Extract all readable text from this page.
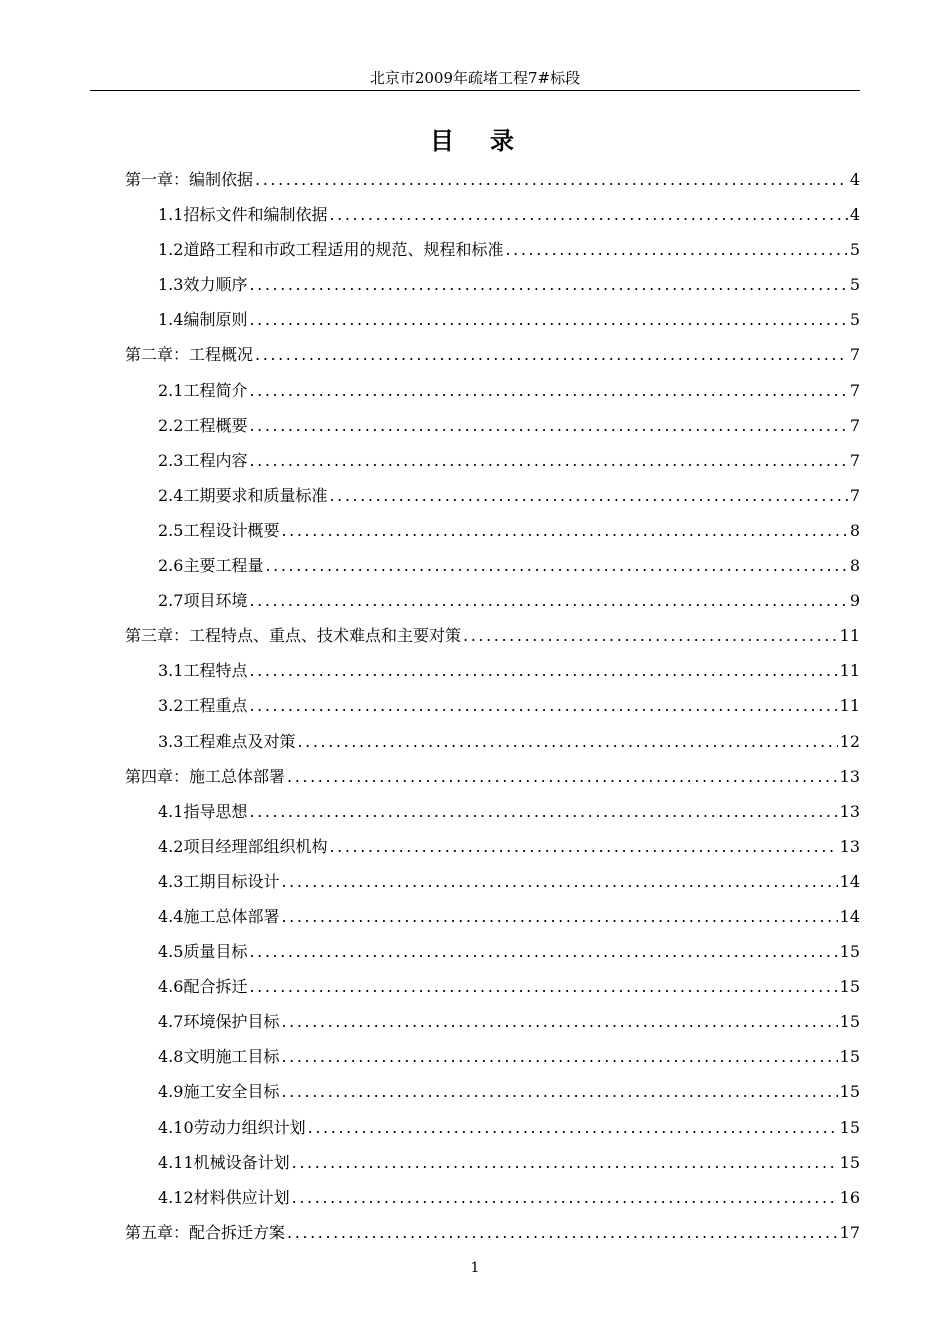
北京市2009年疏堵工程7#标段
目　录
第一章：编制依据 .....	4
1.1招标文件和编制依据 .....	4
1.2道路工程和市政工程适用的规范、规程和标准 .....	5
1.3效力顺序 .....	5
1.4编制原则 .....	5
第二章：工程概况 .....	7
2.1工程简介 .....	7
2.2工程概要 .....	7
2.3工程内容 .....	7
2.4工期要求和质量标准 .....	7
2.5工程设计概要 .....	8
2.6主要工程量 .....	8
2.7项目环境 .....	9
第三章：工程特点、重点、技术难点和主要对策 .....	11
3.1工程特点 .....	11
3.2工程重点 .....	11
3.3工程难点及对策 .....	12
第四章：施工总体部署 .....	13
4.1指导思想 .....	13
4.2项目经理部组织机构 .....	13
4.3工期目标设计 .....	14
4.4施工总体部署 .....	14
4.5质量目标 .....	15
4.6配合拆迁 .....	15
4.7环境保护目标 .....	15
4.8文明施工目标 .....	15
4.9施工安全目标 .....	15
4.10劳动力组织计划 .....	15
4.11机械设备计划 .....	15
4.12材料供应计划 .....	16
第五章：配合拆迁方案 .....	17
1
